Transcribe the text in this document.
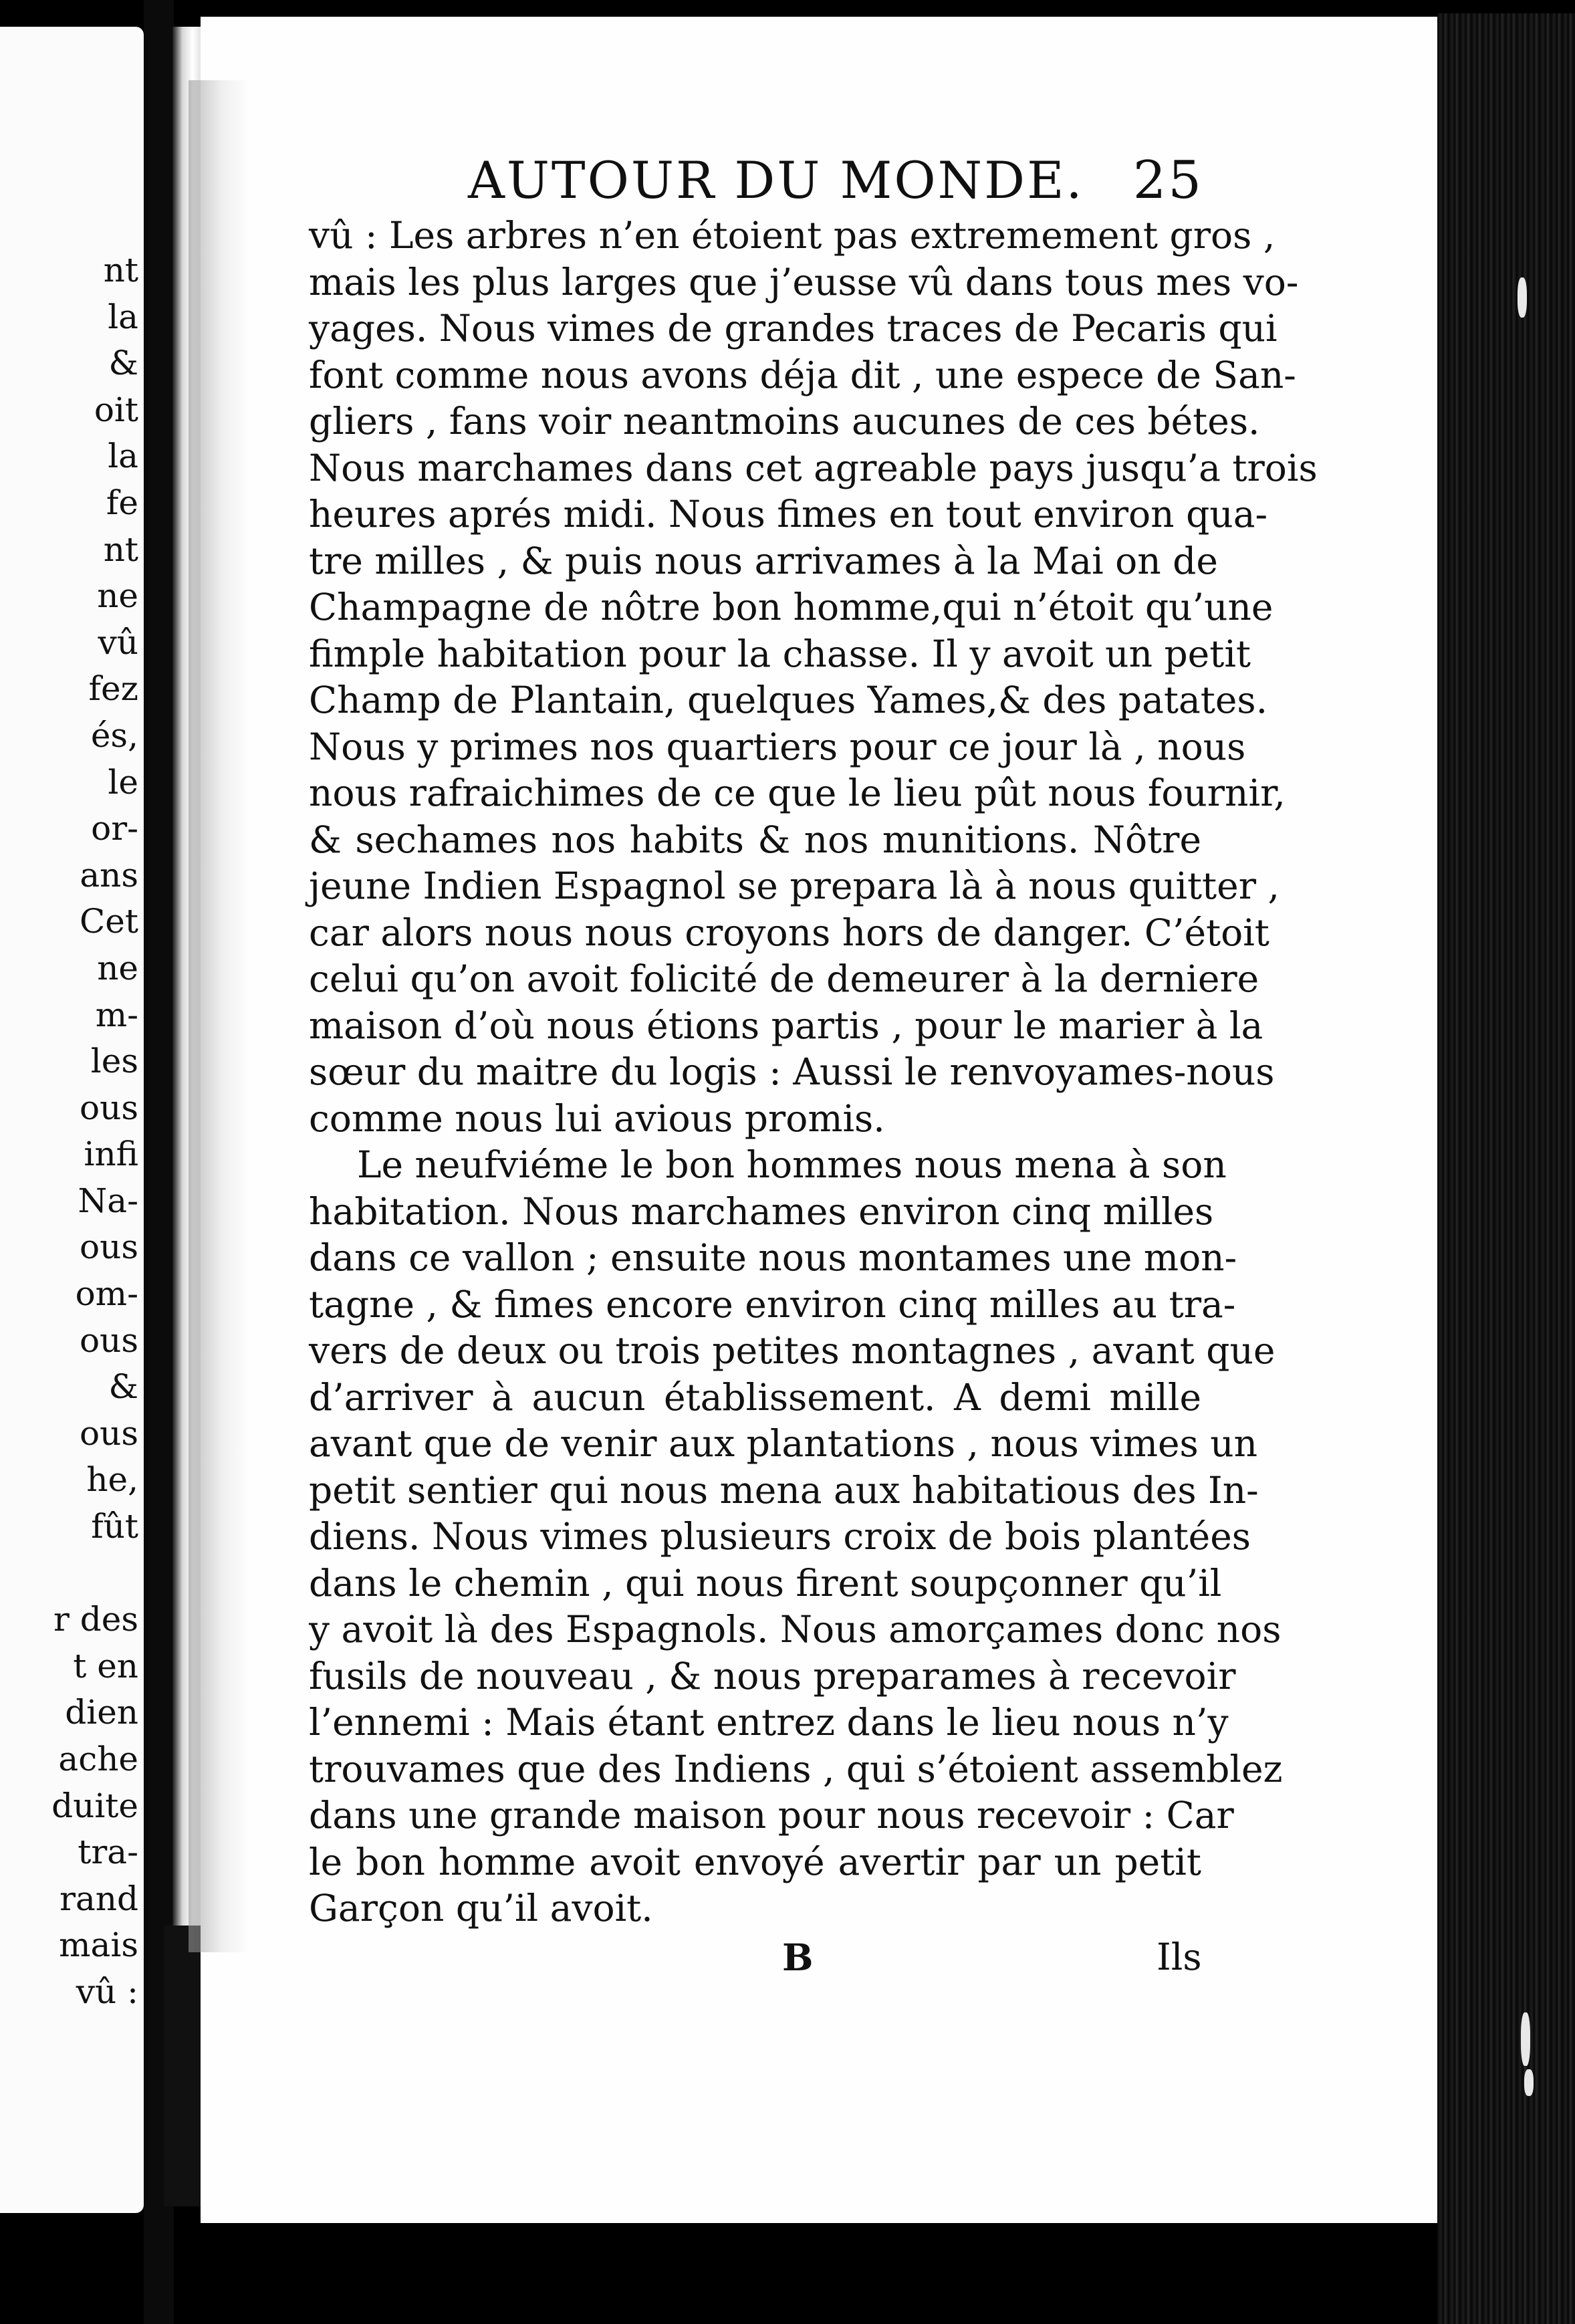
nt
la
&
oit
la
fe
nt
ne
vû
fez
és,
le
or-
ans
Cet
ne
m-
les
ous
infi
Na-
ous
om-
ous
&
ous
he,
fût

r des
t en
dien
ache
duite
tra-
rand
mais
vû :
AUTOUR DU MONDE. 25
vû : Les arbres n’en étoient pas extremement gros ,
mais les plus larges que j’eusse vû dans tous mes vo-
yages. Nous vimes de grandes traces de Pecaris qui
font comme nous avons déja dit , une espece de San-
gliers , fans voir neantmoins aucunes de ces bétes.
Nous marchames dans cet agreable pays jusqu’a trois
heures aprés midi. Nous fimes en tout environ qua-
tre milles , & puis nous arrivames à la Mai on de
Champagne de nôtre bon homme,qui n’étoit qu’une
fimple habitation pour la chasse. Il y avoit un petit
Champ de Plantain, quelques Yames,& des patates.
Nous y primes nos quartiers pour ce jour là , nous
nous rafraichimes de ce que le lieu pût nous fournir,
& sechames nos habits & nos munitions. Nôtre
jeune Indien Espagnol se prepara là à nous quitter ,
car alors nous nous croyons hors de danger. C’étoit
celui qu’on avoit folicité de demeurer à la derniere
maison d’où nous étions partis , pour le marier à la
sœur du maitre du logis : Aussi le renvoyames-nous
comme nous lui avious promis.
Le neufviéme le bon hommes nous mena à son
habitation. Nous marchames environ cinq milles
dans ce vallon ; ensuite nous montames une mon-
tagne , & fimes encore environ cinq milles au tra-
vers de deux ou trois petites montagnes , avant que
d’arriver à aucun établissement. A demi mille
avant que de venir aux plantations , nous vimes un
petit sentier qui nous mena aux habitatious des In-
diens. Nous vimes plusieurs croix de bois plantées
dans le chemin , qui nous firent soupçonner qu’il
y avoit là des Espagnols. Nous amorçames donc nos
fusils de nouveau , & nous preparames à recevoir
l’ennemi : Mais étant entrez dans le lieu nous n’y
trouvames que des Indiens , qui s’étoient assemblez
dans une grande maison pour nous recevoir : Car
le bon homme avoit envoyé avertir par un petit
Garçon qu’il avoit.
B	Ils
